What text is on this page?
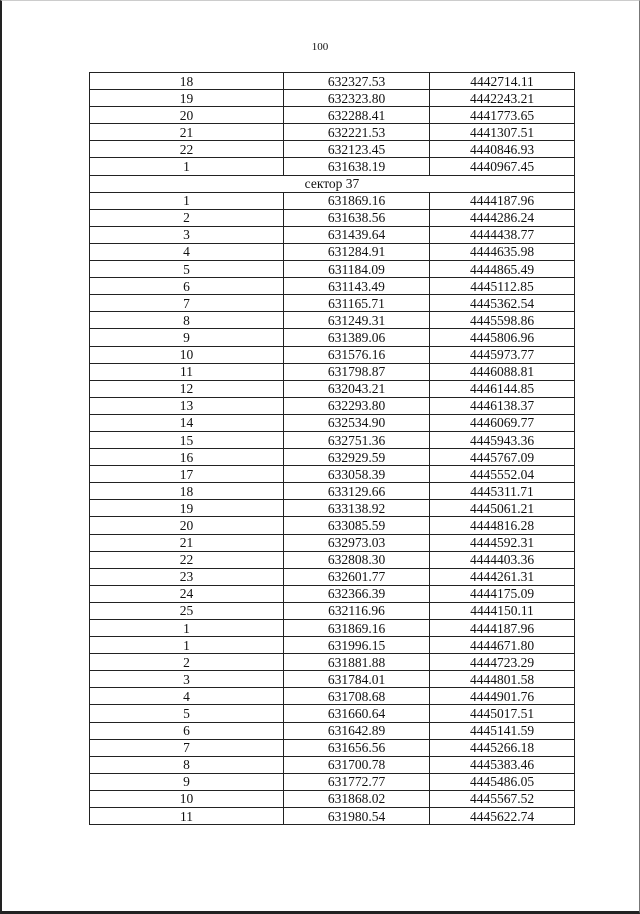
100
18	632327.53	4442714.11
19	632323.80	4442243.21
20	632288.41	4441773.65
21	632221.53	4441307.51
22	632123.45	4440846.93
1	631638.19	4440967.45
сектор 37		
1	631869.16	4444187.96
2	631638.56	4444286.24
3	631439.64	4444438.77
4	631284.91	4444635.98
5	631184.09	4444865.49
6	631143.49	4445112.85
7	631165.71	4445362.54
8	631249.31	4445598.86
9	631389.06	4445806.96
10	631576.16	4445973.77
11	631798.87	4446088.81
12	632043.21	4446144.85
13	632293.80	4446138.37
14	632534.90	4446069.77
15	632751.36	4445943.36
16	632929.59	4445767.09
17	633058.39	4445552.04
18	633129.66	4445311.71
19	633138.92	4445061.21
20	633085.59	4444816.28
21	632973.03	4444592.31
22	632808.30	4444403.36
23	632601.77	4444261.31
24	632366.39	4444175.09
25	632116.96	4444150.11
1	631869.16	4444187.96
1	631996.15	4444671.80
2	631881.88	4444723.29
3	631784.01	4444801.58
4	631708.68	4444901.76
5	631660.64	4445017.51
6	631642.89	4445141.59
7	631656.56	4445266.18
8	631700.78	4445383.46
9	631772.77	4445486.05
10	631868.02	4445567.52
11	631980.54	4445622.74
